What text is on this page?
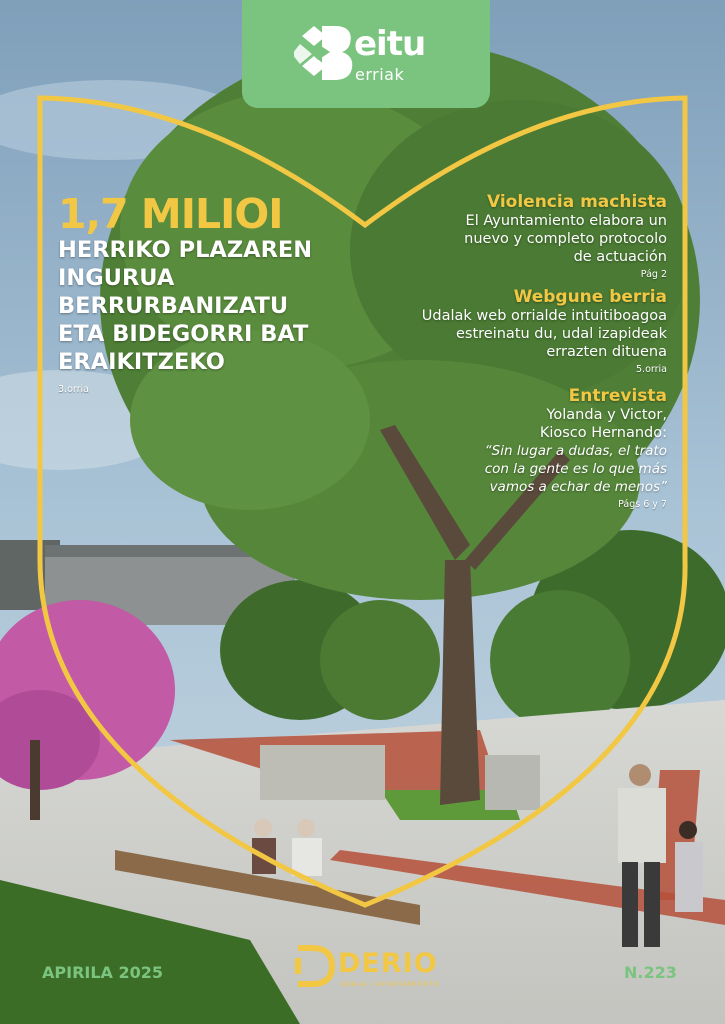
eitu
erriak
1,7 MILIOI
HERRIKO PLAZAREN
INGURUA
BERRURBANIZATU
ETA BIDEGORRI BAT
ERAIKITZEKO
3.orria
Violencia machista
El Ayuntamiento elabora un
nuevo y completo protocolo
de actuación
Pág 2
Webgune berria
Udalak web orrialde intuitiboagoa
estreinatu du, udal izapideak
errazten dituena
5.orria
Entrevista
Yolanda y Victor,
Kiosco Hernando:
“Sin lugar a dudas, el trato
con la gente es lo que más
vamos a echar de menos”
Págs 6 y 7
APIRILA 2025	DERIO
UDALA / AYUNTAMIENTO
N.223
